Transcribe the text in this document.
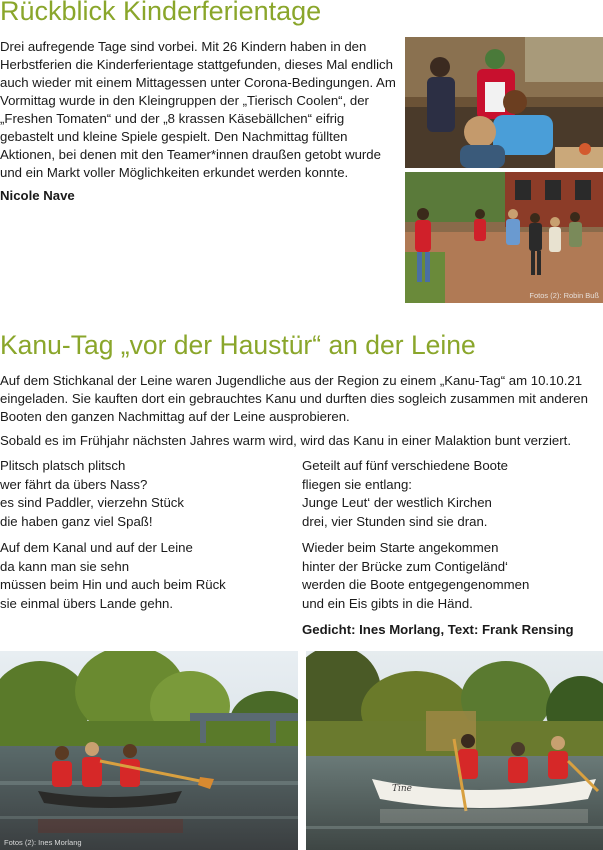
Rückblick Kinderferientage
Drei aufregende Tage sind vorbei. Mit 26 Kindern haben in den Herbstferien die Kinderferientage stattgefunden, dieses Mal endlich auch wieder mit einem Mittagessen unter Corona-Bedingungen. Am Vormittag wurde in den Kleingruppen der „Tierisch Coolen“, der „Freshen Tomaten“ und der „8 krassen Käsebällchen“ eifrig gebastelt und kleine Spiele gespielt. Den Nachmittag füllten Aktionen, bei denen mit den Teamer*innen draußen getobt wurde und ein Markt voller Möglichkeiten erkundet werden konnte.
Nicole Nave
Fotos (2): Robin Buß
Kanu-Tag „vor der Haustür“ an der Leine

Auf dem Stichkanal der Leine waren Jugendliche aus der Region zu einem „Kanu-Tag“ am 10.10.21 eingeladen. Sie kauften dort ein gebrauchtes Kanu und durften dies sogleich zusammen mit anderen Booten den ganzen Nachmittag auf der Leine ausprobieren.

Sobald es im Frühjahr nächsten Jahres warm wird, wird das Kanu in einer Malaktion bunt verziert.

Plitsch platsch plitsch
wer fährt da übers Nass?
es sind Paddler, vierzehn Stück
die haben ganz viel Spaß!

Auf dem Kanal und auf der Leine
da kann man sie sehn
müssen beim Hin und auch beim Rück
sie einmal übers Lande gehn.

Geteilt auf fünf verschiedene Boote
fliegen sie entlang:
Junge Leut‘ der westlich Kirchen
drei, vier Stunden sind sie dran.

Wieder beim Starte angekommen
hinter der Brücke zum Contigeländ‘
werden die Boote entgegengenommen
und ein Eis gibts in die Händ.

Gedicht: Ines Morlang, Text: Frank Rensing
Fotos (2): Ines Morlang
Tine
